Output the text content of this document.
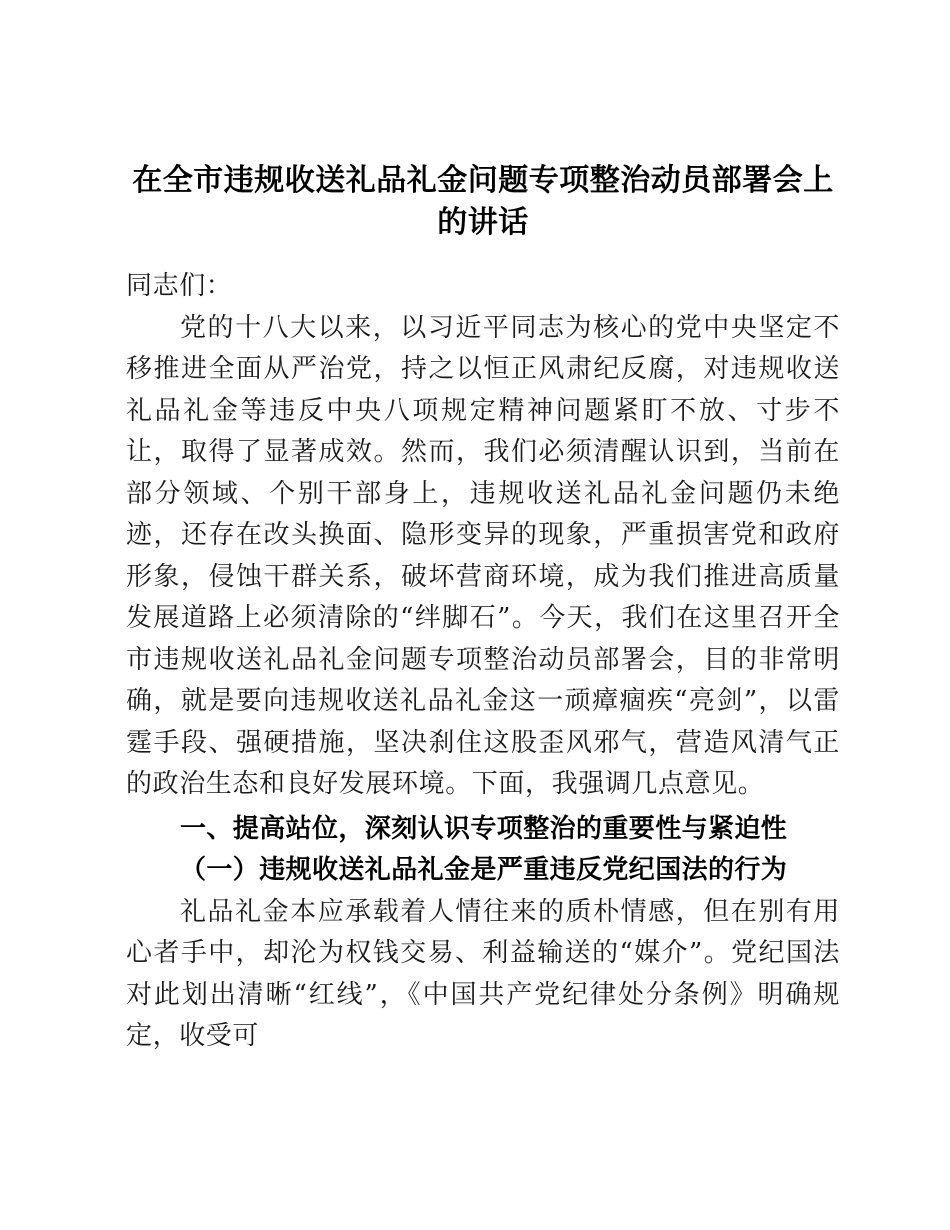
在全市违规收送礼品礼金问题专项整治动员部署会上的讲话

同志们：

党的十八大以来，以习近平同志为核心的党中央坚定不移推进全面从严治党，持之以恒正风肃纪反腐，对违规收送礼品礼金等违反中央八项规定精神问题紧盯不放、寸步不让，取得了显著成效。然而，我们必须清醒认识到，当前在部分领域、个别干部身上，违规收送礼品礼金问题仍未绝迹，还存在改头换面、隐形变异的现象，严重损害党和政府形象，侵蚀干群关系，破坏营商环境，成为我们推进高质量发展道路上必须清除的“绊脚石”。今天，我们在这里召开全市违规收送礼品礼金问题专项整治动员部署会，目的非常明确，就是要向违规收送礼品礼金这一顽瘴痼疾“亮剑”，以雷霆手段、强硬措施，坚决刹住这股歪风邪气，营造风清气正的政治生态和良好发展环境。下面，我强调几点意见。

一、提高站位，深刻认识专项整治的重要性与紧迫性

（一）违规收送礼品礼金是严重违反党纪国法的行为

礼品礼金本应承载着人情往来的质朴情感，但在别有用心者手中，却沦为权钱交易、利益输送的“媒介”。党纪国法对此划出清晰“红线”，《中国共产党纪律处分条例》明确规定，收受可
